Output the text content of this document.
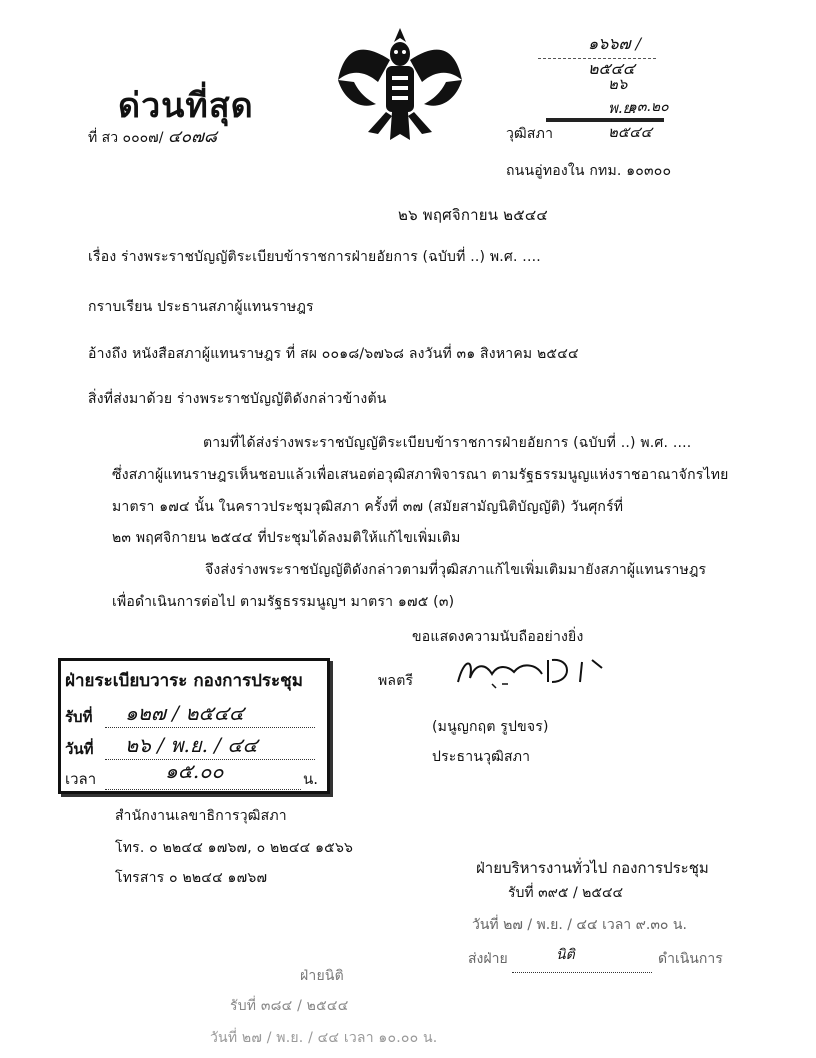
ด่วนที่สุด
ที่ สว ๐๐๐๗/ ๔๐๗๘
๑๖๖๗ /๒๕๔๔
๒๖ พ.ย. ๒๕๔๔
๑๓.๒๐
วุฒิสภา
ถนนอู่ทองใน กทม. ๑๐๓๐๐
๒๖ พฤศจิกายน ๒๕๔๔
เรื่อง ร่างพระราชบัญญัติระเบียบข้าราชการฝ่ายอัยการ (ฉบับที่ ..) พ.ศ. ....
กราบเรียน ประธานสภาผู้แทนราษฎร
อ้างถึง หนังสือสภาผู้แทนราษฎร ที่ สผ ๐๐๑๘/๖๗๖๘ ลงวันที่ ๓๑ สิงหาคม ๒๕๔๔
สิ่งที่ส่งมาด้วย ร่างพระราชบัญญัติดังกล่าวข้างต้น
ตามที่ได้ส่งร่างพระราชบัญญัติระเบียบข้าราชการฝ่ายอัยการ (ฉบับที่ ..) พ.ศ. ....
ซึ่งสภาผู้แทนราษฎรเห็นชอบแล้วเพื่อเสนอต่อวุฒิสภาพิจารณา ตามรัฐธรรมนูญแห่งราชอาณาจักรไทย
มาตรา ๑๗๔ นั้น ในคราวประชุมวุฒิสภา ครั้งที่ ๓๗ (สมัยสามัญนิติบัญญัติ) วันศุกร์ที่
๒๓ พฤศจิกายน ๒๕๔๔ ที่ประชุมได้ลงมติให้แก้ไขเพิ่มเติม
จึงส่งร่างพระราชบัญญัติดังกล่าวตามที่วุฒิสภาแก้ไขเพิ่มเติมมายังสภาผู้แทนราษฎร
เพื่อดำเนินการต่อไป ตามรัฐธรรมนูญฯ มาตรา ๑๗๕ (๓)
ขอแสดงความนับถืออย่างยิ่ง
พลตรี
(มนูญกฤต รูปขจร)
ประธานวุฒิสภา
ฝ่ายระเบียบวาระ กองการประชุม
รับที่ ๑๒๗ / ๒๕๔๔
วันที่ ๒๖ / พ.ย. / ๔๔
เวลา	๑๕.๐๐	น.
สำนักงานเลขาธิการวุฒิสภา
โทร. ๐ ๒๒๔๔ ๑๗๖๗, ๐ ๒๒๔๔ ๑๕๖๖
โทรสาร ๐ ๒๒๔๔ ๑๗๖๗
ฝ่ายบริหารงานทั่วไป กองการประชุม
รับที่ ๓๙๕ / ๒๕๔๔
วันที่ ๒๗ / พ.ย. / ๔๔ เวลา ๙.๓๐ น.
ส่งฝ่าย	นิติ	ดำเนินการ
ฝ่ายนิติ
รับที่ ๓๘๔ / ๒๕๔๔
วันที่ ๒๗ / พ.ย. / ๔๔ เวลา ๑๐.๐๐ น.
